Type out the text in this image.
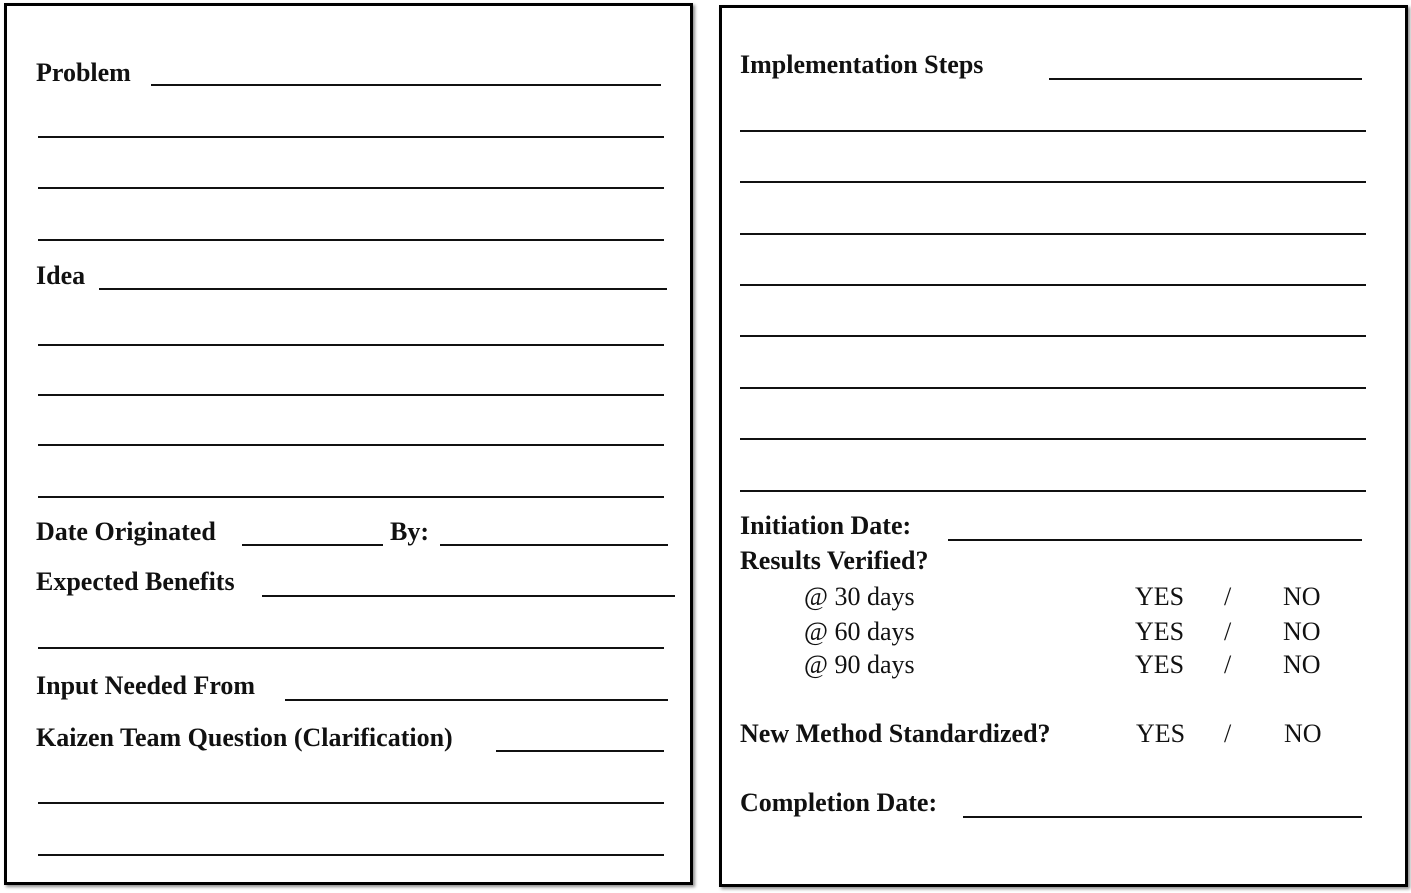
Problem
Idea
Date Originated	By:
Expected Benefits
Input Needed From
Kaizen Team Question (Clarification)
Implementation Steps
Initiation Date:
Results Verified?
@ 30 days	YES / NO
@ 60 days	YES / NO
@ 90 days	YES / NO
New Method Standardized?	YES / NO
Completion Date:
